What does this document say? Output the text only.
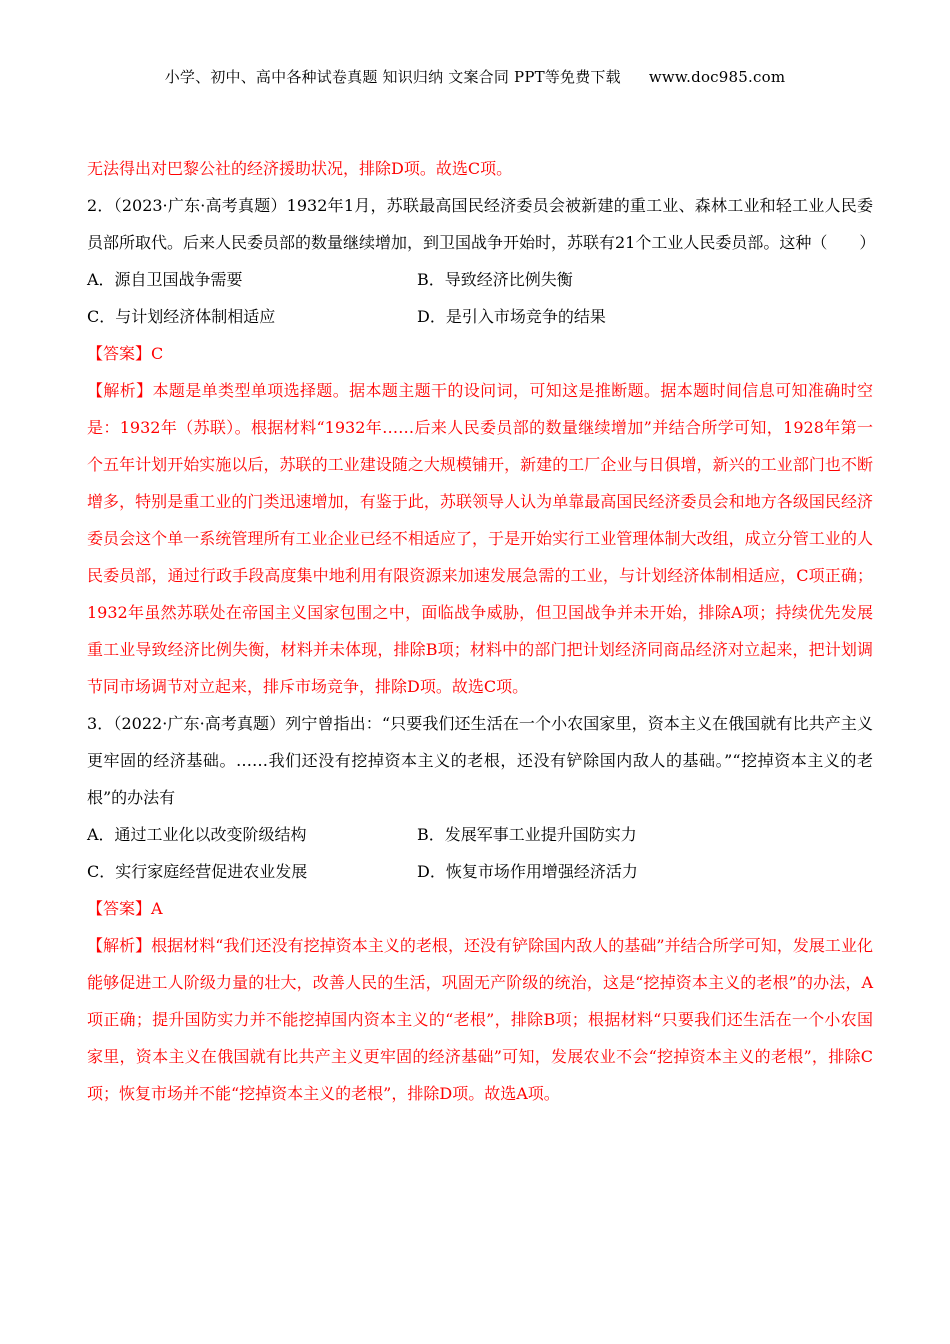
小学、初中、高中各种试卷真题 知识归纳 文案合同 PPT等免费下载 www.doc985.com

无法得出对巴黎公社的经济援助状况，排除D项。故选C项。

2．（2023·广东·高考真题）1932年1月，苏联最高国民经济委员会被新建的重工业、森林工业和轻工业人民委员部所取代。后来人民委员部的数量继续增加，到卫国战争开始时，苏联有21个工业人民委员部。这种（　　）

A．源自卫国战争需要	B．导致经济比例失衡
C．与计划经济体制相适应	D．是引入市场竞争的结果

【答案】C

【解析】本题是单类型单项选择题。据本题主题干的设问词，可知这是推断题。据本题时间信息可知准确时空是：1932年（苏联）。根据材料“1932年……后来人民委员部的数量继续增加”并结合所学可知，1928年第一个五年计划开始实施以后，苏联的工业建设随之大规模铺开，新建的工厂企业与日俱增，新兴的工业部门也不断增多，特别是重工业的门类迅速增加，有鉴于此，苏联领导人认为单靠最高国民经济委员会和地方各级国民经济委员会这个单一系统管理所有工业企业已经不相适应了，于是开始实行工业管理体制大改组，成立分管工业的人民委员部，通过行政手段高度集中地利用有限资源来加速发展急需的工业，与计划经济体制相适应，C项正确；1932年虽然苏联处在帝国主义国家包围之中，面临战争威胁，但卫国战争并未开始，排除A项；持续优先发展重工业导致经济比例失衡，材料并未体现，排除B项；材料中的部门把计划经济同商品经济对立起来，把计划调节同市场调节对立起来，排斥市场竞争，排除D项。故选C项。

3．（2022·广东·高考真题）列宁曾指出：“只要我们还生活在一个小农国家里，资本主义在俄国就有比共产主义更牢固的经济基础。……我们还没有挖掉资本主义的老根，还没有铲除国内敌人的基础。”“挖掉资本主义的老根”的办法有

A．通过工业化以改变阶级结构	B．发展军事工业提升国防实力
C．实行家庭经营促进农业发展	D．恢复市场作用增强经济活力

【答案】A

【解析】根据材料“我们还没有挖掉资本主义的老根，还没有铲除国内敌人的基础”并结合所学可知，发展工业化能够促进工人阶级力量的壮大，改善人民的生活，巩固无产阶级的统治，这是“挖掉资本主义的老根”的办法，A项正确；提升国防实力并不能挖掉国内资本主义的“老根”，排除B项；根据材料“只要我们还生活在一个小农国家里，资本主义在俄国就有比共产主义更牢固的经济基础”可知，发展农业不会“挖掉资本主义的老根”，排除C项；恢复市场并不能“挖掉资本主义的老根”，排除D项。故选A项。
